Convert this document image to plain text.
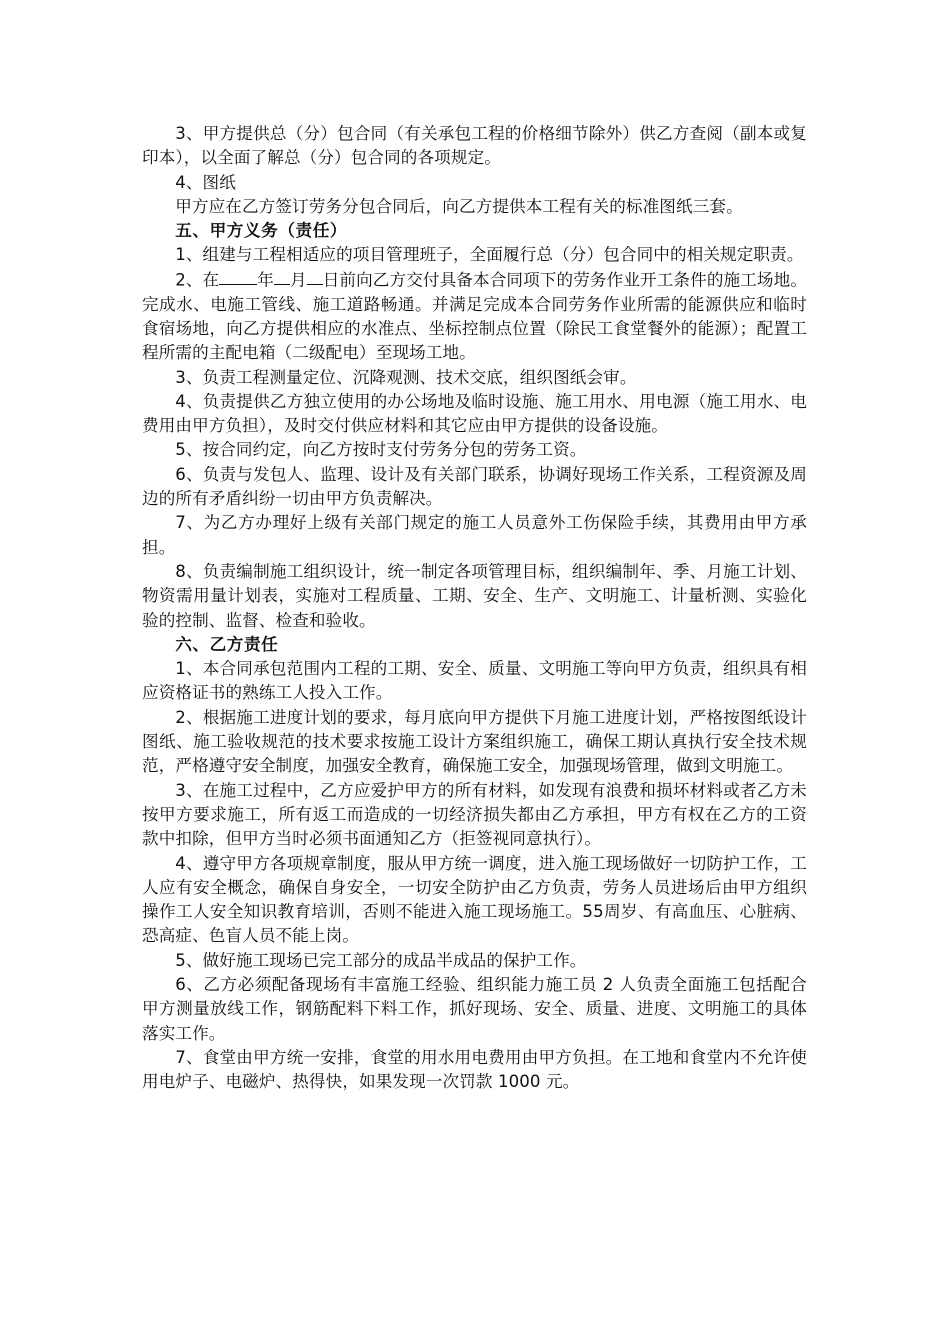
3、甲方提供总（分）包合同（有关承包工程的价格细节除外）供乙方查阅（副本或复印本），以全面了解总（分）包合同的各项规定。

4、图纸

甲方应在乙方签订劳务分包合同后，向乙方提供本工程有关的标准图纸三套。

五、甲方义务（责任）

1、组建与工程相适应的项目管理班子，全面履行总（分）包合同中的相关规定职责。

2、在 年 月 日前向乙方交付具备本合同项下的劳务作业开工条件的施工场地。完成水、电施工管线、施工道路畅通。并满足完成本合同劳务作业所需的能源供应和临时食宿场地，向乙方提供相应的水准点、坐标控制点位置（除民工食堂餐外的能源）；配置工程所需的主配电箱（二级配电）至现场工地。

3、负责工程测量定位、沉降观测、技术交底，组织图纸会审。

4、负责提供乙方独立使用的办公场地及临时设施、施工用水、用电源（施工用水、电费用由甲方负担），及时交付供应材料和其它应由甲方提供的设备设施。

5、按合同约定，向乙方按时支付劳务分包的劳务工资。

6、负责与发包人、监理、设计及有关部门联系，协调好现场工作关系，工程资源及周边的所有矛盾纠纷一切由甲方负责解决。

7、为乙方办理好上级有关部门规定的施工人员意外工伤保险手续，其费用由甲方承担。

8、负责编制施工组织设计，统一制定各项管理目标，组织编制年、季、月施工计划、物资需用量计划表，实施对工程质量、工期、安全、生产、文明施工、计量析测、实验化验的控制、监督、检查和验收。

六、乙方责任

1、本合同承包范围内工程的工期、安全、质量、文明施工等向甲方负责，组织具有相应资格证书的熟练工人投入工作。

2、根据施工进度计划的要求，每月底向甲方提供下月施工进度计划，严格按图纸设计图纸、施工验收规范的技术要求按施工设计方案组织施工，确保工期认真执行安全技术规范，严格遵守安全制度，加强安全教育，确保施工安全，加强现场管理，做到文明施工。

3、在施工过程中，乙方应爱护甲方的所有材料，如发现有浪费和损坏材料或者乙方未按甲方要求施工，所有返工而造成的一切经济损失都由乙方承担，甲方有权在乙方的工资款中扣除，但甲方当时必须书面通知乙方（拒签视同意执行）。

4、遵守甲方各项规章制度，服从甲方统一调度，进入施工现场做好一切防护工作，工人应有安全概念，确保自身安全，一切安全防护由乙方负责，劳务人员进场后由甲方组织操作工人安全知识教育培训，否则不能进入施工现场施工。55周岁、有高血压、心脏病、恐高症、色盲人员不能上岗。

5、做好施工现场已完工部分的成品半成品的保护工作。

6、乙方必须配备现场有丰富施工经验、组织能力施工员 2 人负责全面施工包括配合甲方测量放线工作，钢筋配料下料工作，抓好现场、安全、质量、进度、文明施工的具体落实工作。

7、食堂由甲方统一安排，食堂的用水用电费用由甲方负担。在工地和食堂内不允许使用电炉子、电磁炉、热得快，如果发现一次罚款 1000 元。
